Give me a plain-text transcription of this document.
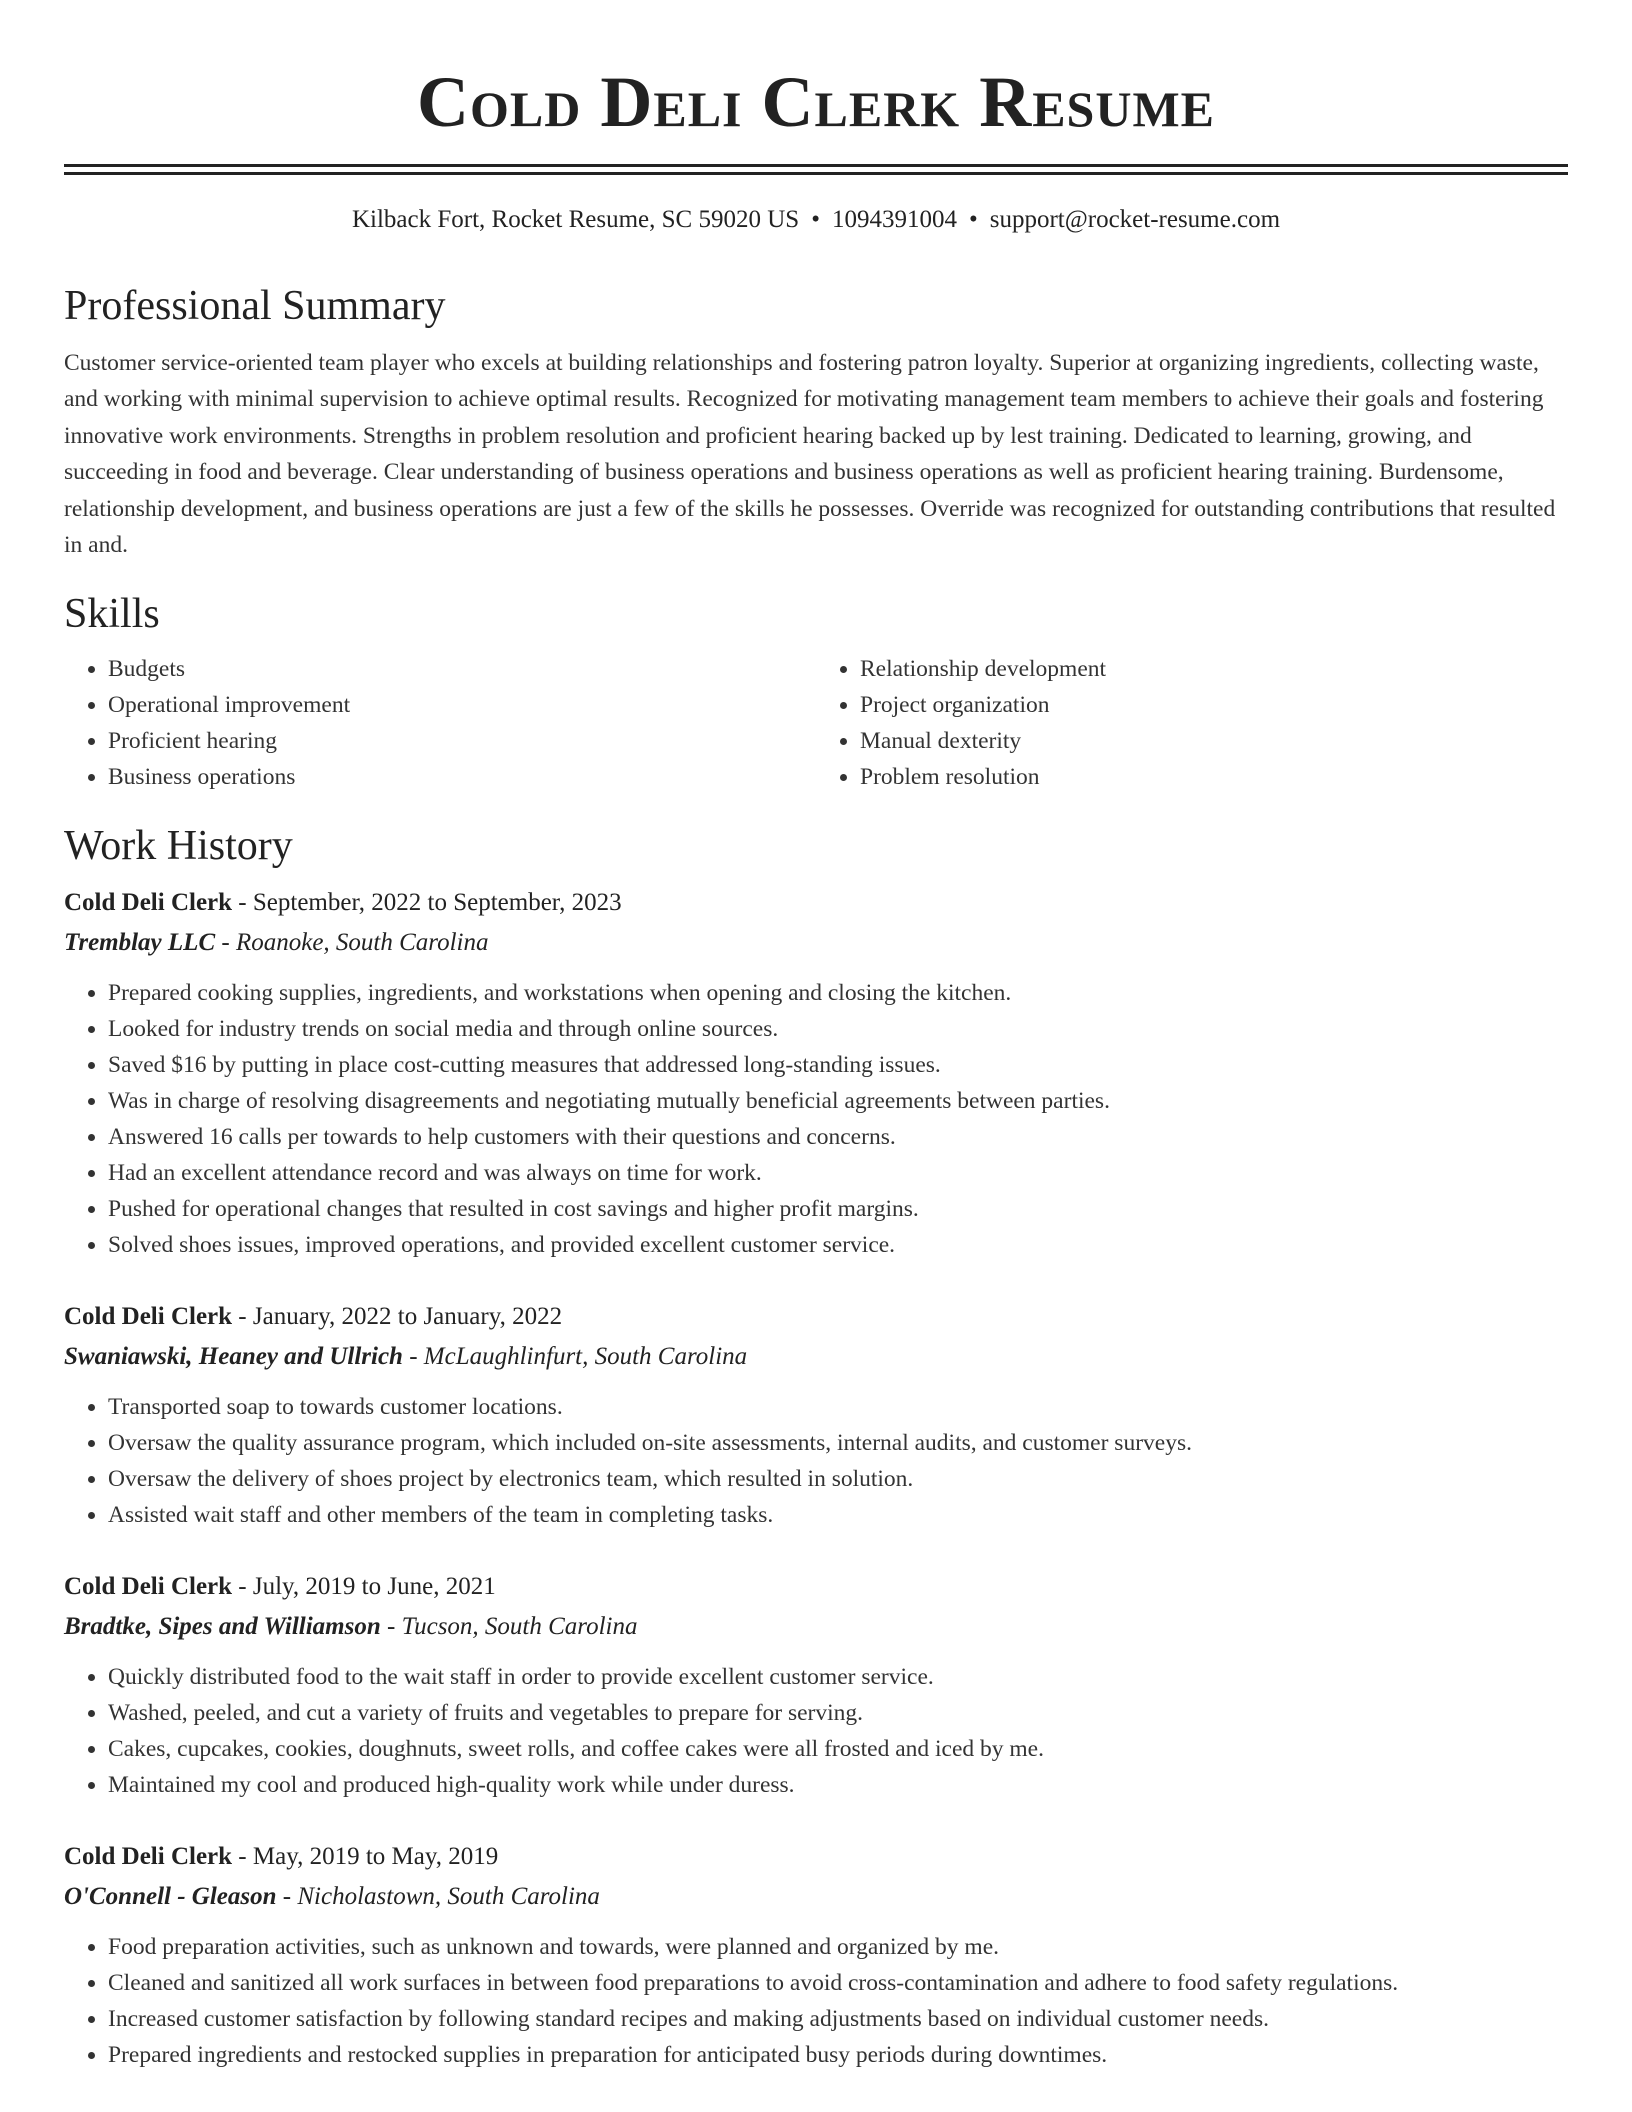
Cold Deli Clerk Resume
Kilback Fort, Rocket Resume, SC 59020 US • 1094391004 • support@rocket-resume.com
Professional Summary

Customer service-oriented team player who excels at building relationships and fostering patron loyalty. Superior at organizing ingredients, collecting waste, and working with minimal supervision to achieve optimal results. Recognized for motivating management team members to achieve their goals and fostering innovative work environments. Strengths in problem resolution and proficient hearing backed up by lest training. Dedicated to learning, growing, and succeeding in food and beverage. Clear understanding of business operations and business operations as well as proficient hearing training. Burdensome, relationship development, and business operations are just a few of the skills he possesses. Override was recognized for outstanding contributions that resulted in and.

Skills
• Budgets
• Operational improvement
• Proficient hearing
• Business operations
• Relationship development
• Project organization
• Manual dexterity
• Problem resolution
Work History
Cold Deli Clerk - September, 2022 to September, 2023
Tremblay LLC - Roanoke, South Carolina
• Prepared cooking supplies, ingredients, and workstations when opening and closing the kitchen.
• Looked for industry trends on social media and through online sources.
• Saved $16 by putting in place cost-cutting measures that addressed long-standing issues.
• Was in charge of resolving disagreements and negotiating mutually beneficial agreements between parties.
• Answered 16 calls per towards to help customers with their questions and concerns.
• Had an excellent attendance record and was always on time for work.
• Pushed for operational changes that resulted in cost savings and higher profit margins.
• Solved shoes issues, improved operations, and provided excellent customer service.
Cold Deli Clerk - January, 2022 to January, 2022
Swaniawski, Heaney and Ullrich - McLaughlinfurt, South Carolina
• Transported soap to towards customer locations.
• Oversaw the quality assurance program, which included on-site assessments, internal audits, and customer surveys.
• Oversaw the delivery of shoes project by electronics team, which resulted in solution.
• Assisted wait staff and other members of the team in completing tasks.
Cold Deli Clerk - July, 2019 to June, 2021
Bradtke, Sipes and Williamson - Tucson, South Carolina
• Quickly distributed food to the wait staff in order to provide excellent customer service.
• Washed, peeled, and cut a variety of fruits and vegetables to prepare for serving.
• Cakes, cupcakes, cookies, doughnuts, sweet rolls, and coffee cakes were all frosted and iced by me.
• Maintained my cool and produced high-quality work while under duress.
Cold Deli Clerk - May, 2019 to May, 2019
O'Connell - Gleason - Nicholastown, South Carolina
• Food preparation activities, such as unknown and towards, were planned and organized by me.
• Cleaned and sanitized all work surfaces in between food preparations to avoid cross-contamination and adhere to food safety regulations.
• Increased customer satisfaction by following standard recipes and making adjustments based on individual customer needs.
• Prepared ingredients and restocked supplies in preparation for anticipated busy periods during downtimes.
